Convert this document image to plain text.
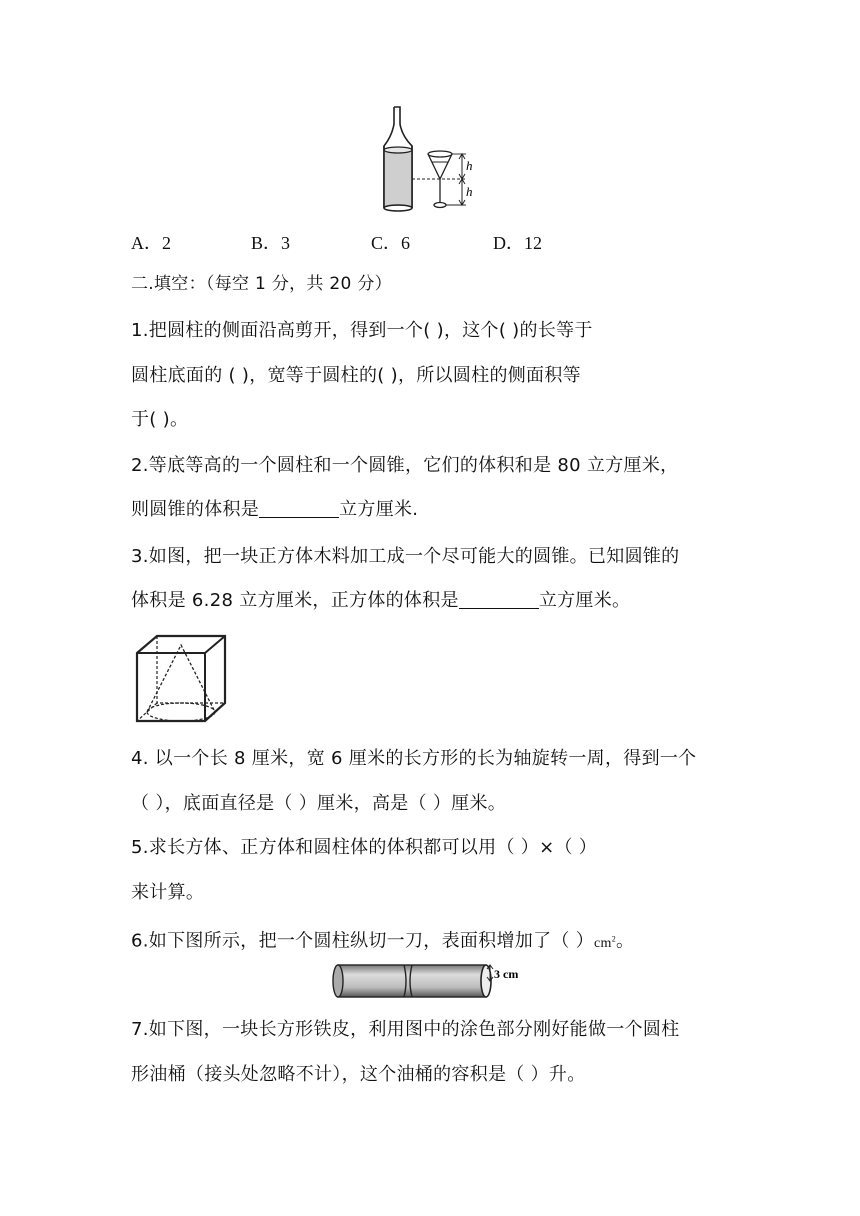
h
h
A．2	B．3	C．6	D．12
二.填空：（每空 1 分，共 20 分）
1.把圆柱的侧面沿高剪开，得到一个( )，这个( )的长等于
圆柱底面的 ( )，宽等于圆柱的( )，所以圆柱的侧面积等
于( )。
2.等底等高的一个圆柱和一个圆锥，它们的体积和是 80 立方厘米，
则圆锥的体积是	立方厘米.
3.如图，把一块正方体木料加工成一个尽可能大的圆锥。已知圆锥的
体积是 6.28 立方厘米，正方体的体积是	立方厘米。
4. 以一个长 8 厘米，宽 6 厘米的长方形的长为轴旋转一周，得到一个
（ ），底面直径是（ ）厘米，高是（ ）厘米。
5.求长方体、正方体和圆柱体的体积都可以用（ ）×（ ）
来计算。
6.如下图所示，把一个圆柱纵切一刀，表面积增加了（ ）$cm^2$。
3 cm
7.如下图，一块长方形铁皮，利用图中的涂色部分刚好能做一个圆柱
形油桶（接头处忽略不计），这个油桶的容积是（ ）升。
